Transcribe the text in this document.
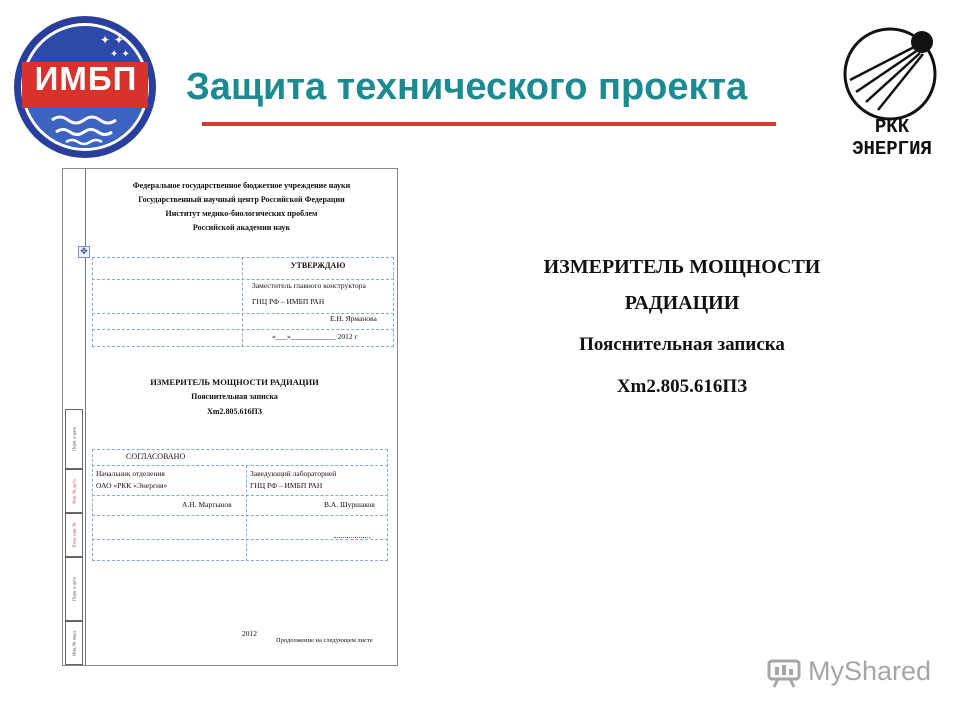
✦ ✦
✦ ✦
ИМБП Защита технического проекта
РКК
ЭНЕРГИЯ
Подп. и дата
Инв. № дубл.
Взам. инв. №
Подп. и дата
Инв. № подл.
Федеральное государственное бюджетное учреждение науки
Государственный научный центр Российской Федерации
Институт медико-биологических проблем
Российской академии наук
УТВЕРЖДАЮ
Заместитель главного конструктора
ГНЦ РФ – ИМБП РАН
Е.Н. Ярманова
«___»____________ 2012 г
ИЗМЕРИТЕЛЬ МОЩНОСТИ РАДИАЦИИ
Пояснительная записка
Хm2.805.616ПЗ
СОГЛАСОВАНО
Начальник отделения
ОАО «РКК «Энергия»
Заведующий лабораторией
ГНЦ РФ – ИМБП РАН
А.Н. Мартынов	В.А. Шуршаков
2012
Продолжение на следующем листе
✥
ИЗМЕРИТЕЛЬ МОЩНОСТИ
РАДИАЦИИ
Пояснительная записка
Хm2.805.616ПЗ
MyShared
